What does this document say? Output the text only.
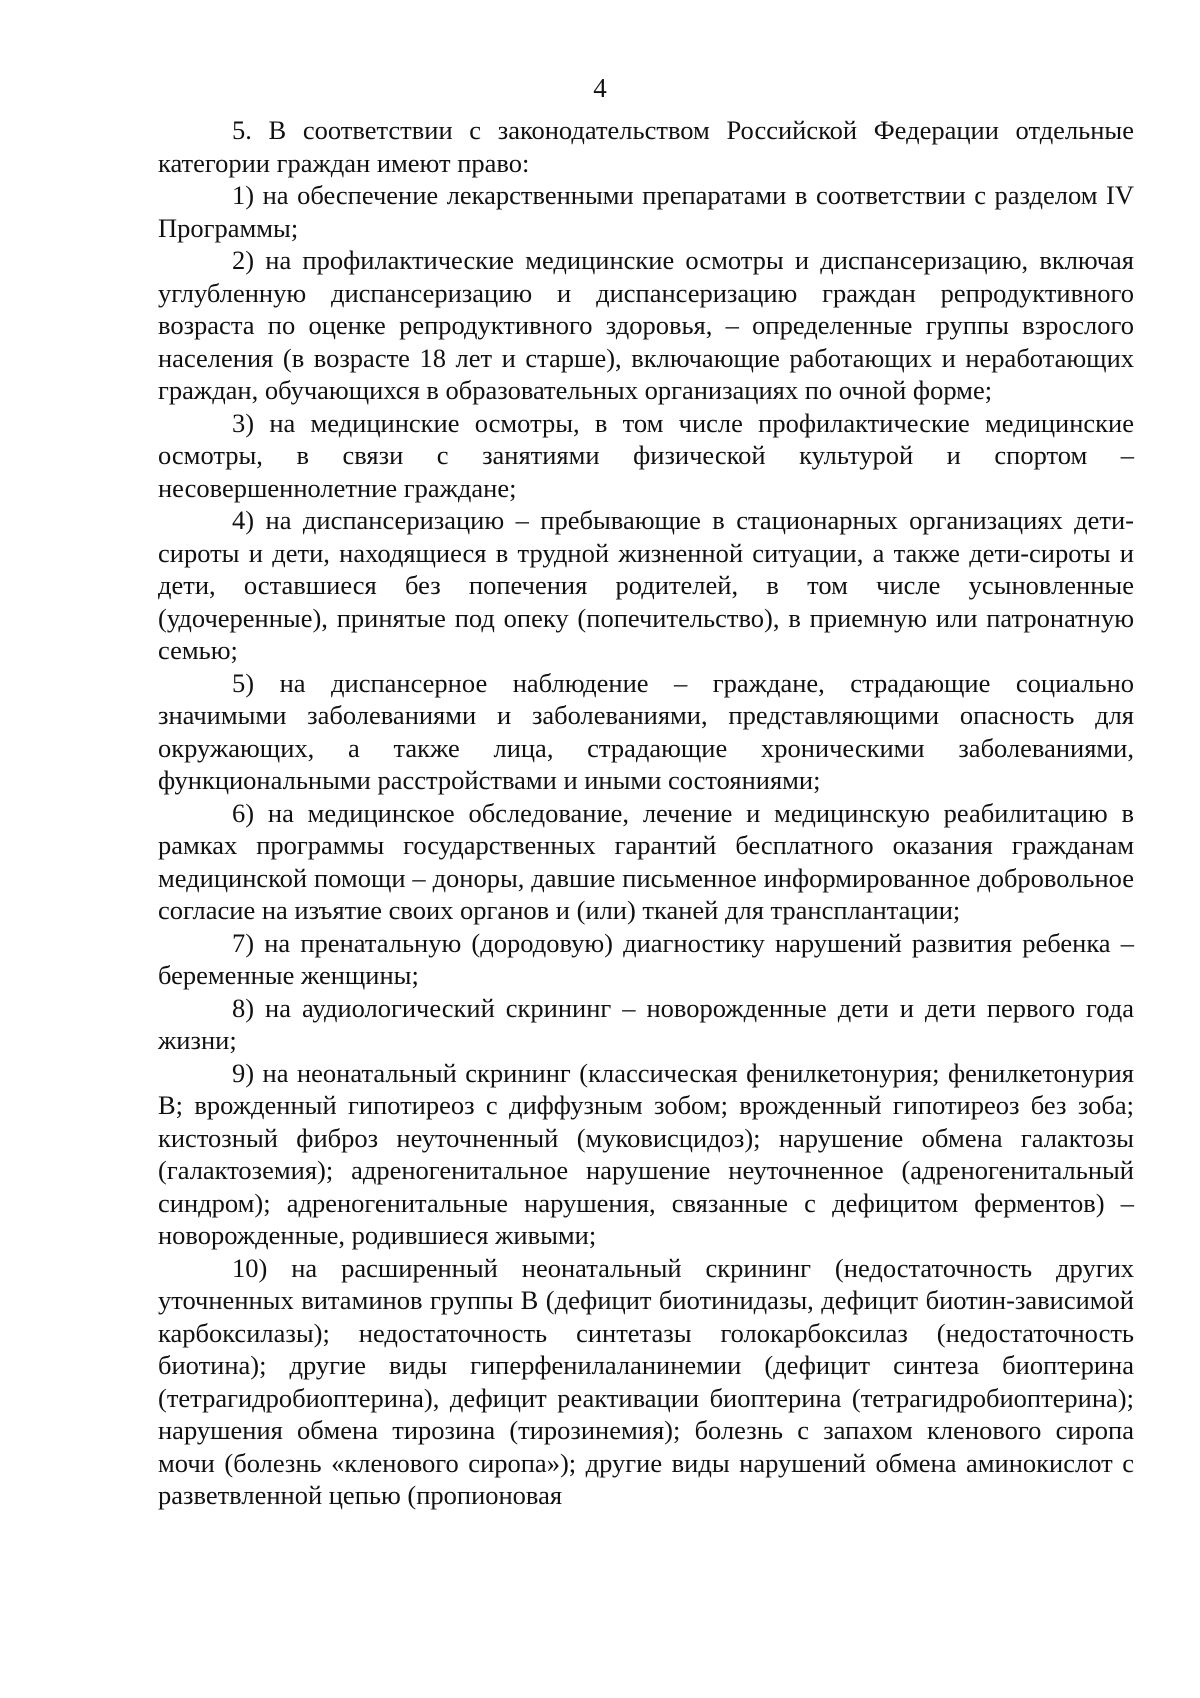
4

5. В соответствии с законодательством Российской Федерации отдельные категории граждан имеют право:

1) на обеспечение лекарственными препаратами в соответствии с разделом IV Программы;

2) на профилактические медицинские осмотры и диспансеризацию, включая углубленную диспансеризацию и диспансеризацию граждан репродуктивного возраста по оценке репродуктивного здоровья, – определенные группы взрослого населения (в возрасте 18 лет и старше), включающие работающих и неработающих граждан, обучающихся в образовательных организациях по очной форме;

3) на медицинские осмотры, в том числе профилактические медицинские осмотры, в связи с занятиями физической культурой и спортом – несовершеннолетние граждане;

4) на диспансеризацию – пребывающие в стационарных организациях дети-сироты и дети, находящиеся в трудной жизненной ситуации, а также дети-сироты и дети, оставшиеся без попечения родителей, в том числе усыновленные (удочеренные), принятые под опеку (попечительство), в приемную или патронатную семью;

5) на диспансерное наблюдение – граждане, страдающие социально значимыми заболеваниями и заболеваниями, представляющими опасность для окружающих, а также лица, страдающие хроническими заболеваниями, функциональными расстройствами и иными состояниями;

6) на медицинское обследование, лечение и медицинскую реабилитацию в рамках программы государственных гарантий бесплатного оказания гражданам медицинской помощи – доноры, давшие письменное информированное добровольное согласие на изъятие своих органов и (или) тканей для трансплантации;

7) на пренатальную (дородовую) диагностику нарушений развития ребенка – беременные женщины;

8) на аудиологический скрининг – новорожденные дети и дети первого года жизни;

9) на неонатальный скрининг (классическая фенилкетонурия; фенилкетонурия B; врожденный гипотиреоз с диффузным зобом; врожденный гипотиреоз без зоба; кистозный фиброз неуточненный (муковисцидоз); нарушение обмена галактозы (галактоземия); адреногенитальное нарушение неуточненное (адреногенитальный синдром); адреногенитальные нарушения, связанные с дефицитом ферментов) – новорожденные, родившиеся живыми;

10) на расширенный неонатальный скрининг (недостаточность других уточненных витаминов группы B (дефицит биотинидазы, дефицит биотин-зависимой карбоксилазы); недостаточность синтетазы голокарбоксилаз (недостаточность биотина); другие виды гиперфенилаланинемии (дефицит синтеза биоптерина (тетрагидробиоптерина), дефицит реактивации биоптерина (тетрагидробиоптерина); нарушения обмена тирозина (тирозинемия); болезнь с запахом кленового сиропа мочи (болезнь «кленового сиропа»); другие виды нарушений обмена аминокислот с разветвленной цепью (пропионовая
